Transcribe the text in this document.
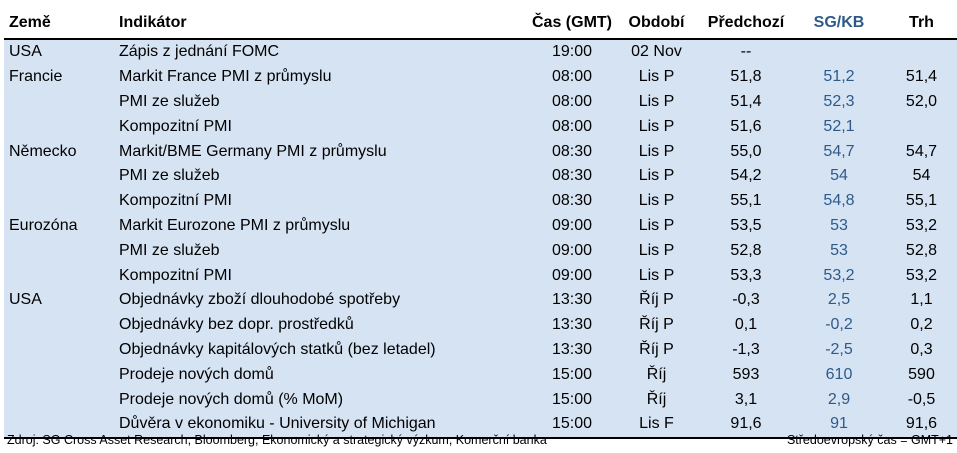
Země	Indikátor	Čas (GMT)	Období	Předchozí	SG/KB	Trh
USA	Zápis z jednání FOMC	19:00	02 Nov	--		
Francie	Markit France PMI z průmyslu	08:00	Lis P	51,8	51,2	51,4
	PMI ze služeb	08:00	Lis P	51,4	52,3	52,0
	Kompozitní PMI	08:00	Lis P	51,6	52,1	
Německo	Markit/BME Germany PMI z průmyslu	08:30	Lis P	55,0	54,7	54,7
	PMI ze služeb	08:30	Lis P	54,2	54	54
	Kompozitní PMI	08:30	Lis P	55,1	54,8	55,1
Eurozóna	Markit Eurozone PMI z průmyslu	09:00	Lis P	53,5	53	53,2
	PMI ze služeb	09:00	Lis P	52,8	53	52,8
	Kompozitní PMI	09:00	Lis P	53,3	53,2	53,2
USA	Objednávky zboží dlouhodobé spotřeby	13:30	Říj P	-0,3	2,5	1,1
	Objednávky bez dopr. prostředků	13:30	Říj P	0,1	-0,2	0,2
	Objednávky kapitálových statků (bez letadel)	13:30	Říj P	-1,3	-2,5	0,3
	Prodeje nových domů	15:00	Říj	593	610	590
	Prodeje nových domů (% MoM)	15:00	Říj	3,1	2,9	-0,5
	Důvěra v ekonomiku - University of Michigan	15:00	Lis F	91,6	91	91,6
Zdroj: SG Cross Asset Research, Bloomberg, Ekonomický a strategický výzkum, Komerční banka	Středoevropský čas = GMT+1
